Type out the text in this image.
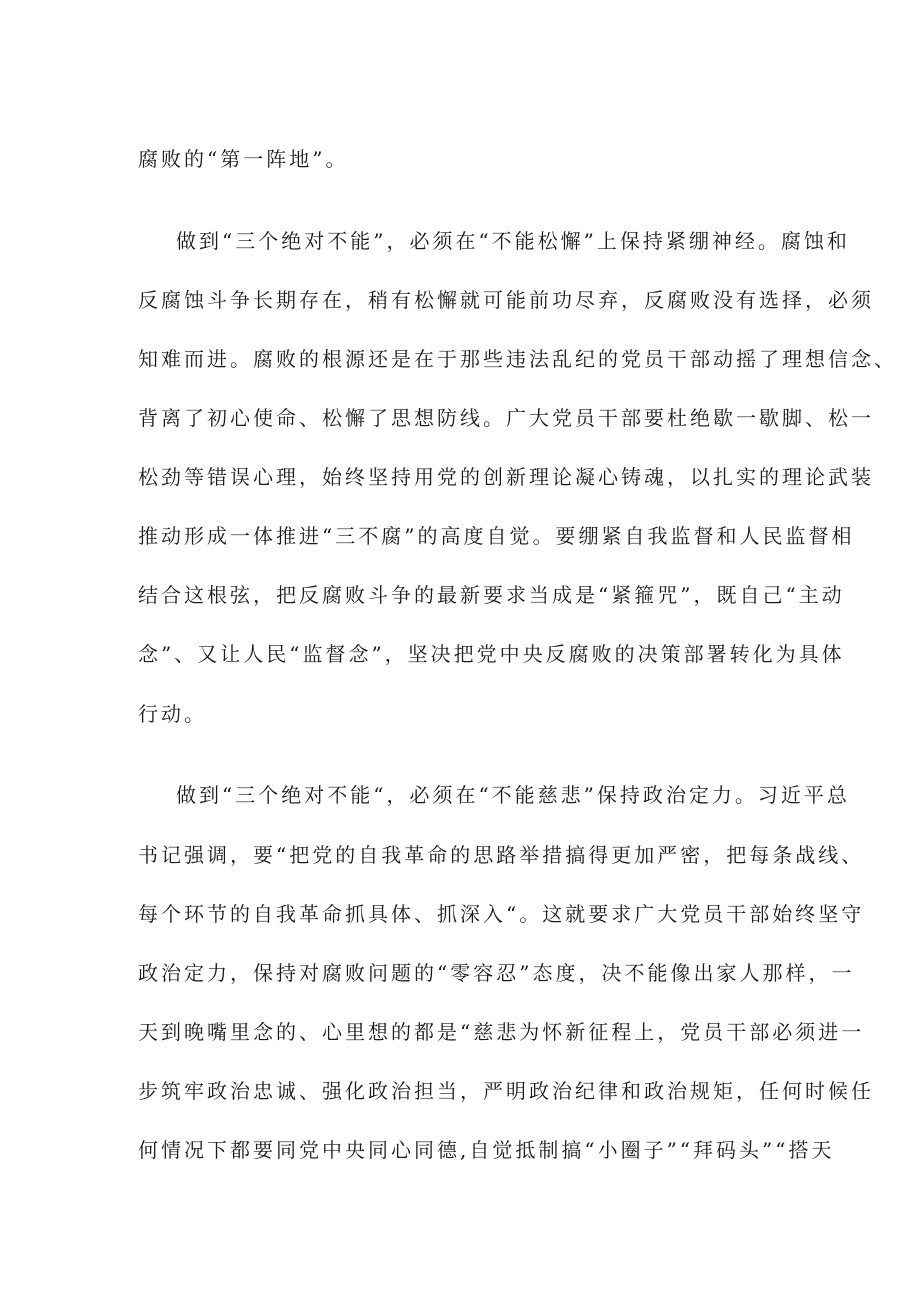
腐败的“第一阵地”。
做到“三个绝对不能”，必须在“不能松懈”上保持紧绷神经。腐蚀和
反腐蚀斗争长期存在，稍有松懈就可能前功尽弃，反腐败没有选择，必须
知难而进。腐败的根源还是在于那些违法乱纪的党员干部动摇了理想信念、
背离了初心使命、松懈了思想防线。广大党员干部要杜绝歇一歇脚、松一
松劲等错误心理，始终坚持用党的创新理论凝心铸魂，以扎实的理论武装
推动形成一体推进“三不腐”的高度自觉。要绷紧自我监督和人民监督相
结合这根弦，把反腐败斗争的最新要求当成是“紧箍咒”，既自己“主动
念”、又让人民“监督念”，坚决把党中央反腐败的决策部署转化为具体
行动。
做到“三个绝对不能“，必须在“不能慈悲”保持政治定力。习近平总
书记强调，要“把党的自我革命的思路举措搞得更加严密，把每条战线、
每个环节的自我革命抓具体、抓深入“。这就要求广大党员干部始终坚守
政治定力，保持对腐败问题的“零容忍”态度，决不能像出家人那样，一
天到晚嘴里念的、心里想的都是“慈悲为怀新征程上，党员干部必须进一
步筑牢政治忠诚、强化政治担当，严明政治纪律和政治规矩，任何时候任
何情况下都要同党中央同心同德,自觉抵制搞“小圈子”“拜码头”“搭天
